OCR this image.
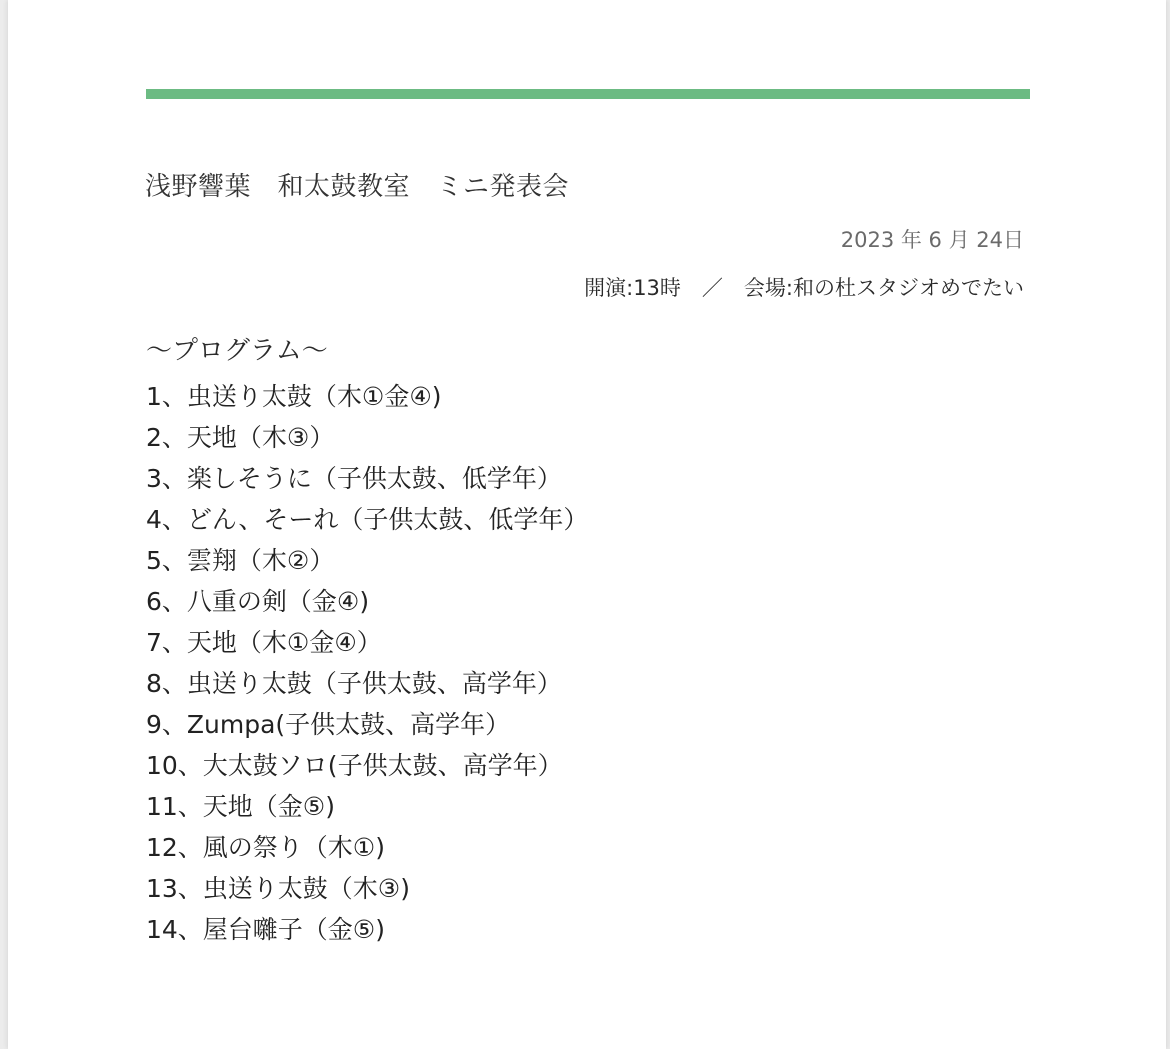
浅野響葉　和太鼓教室　ミニ発表会
2023 年 6 月 24日
開演:13時　／　会場:和の杜スタジオめでたい
～プログラム～
1、虫送り太鼓（木①金④)
2、天地（木③）
3、楽しそうに（子供太鼓、低学年）
4、どん、そーれ（子供太鼓、低学年）
5、雲翔（木②）
6、八重の剣（金④)
7、天地（木①金④）
8、虫送り太鼓（子供太鼓、高学年）
9、Zumpa(子供太鼓、高学年）
10、大太鼓ソロ(子供太鼓、高学年）
11、天地（金⑤)
12、風の祭り（木①)
13、虫送り太鼓（木③)
14、屋台囃子（金⑤)
